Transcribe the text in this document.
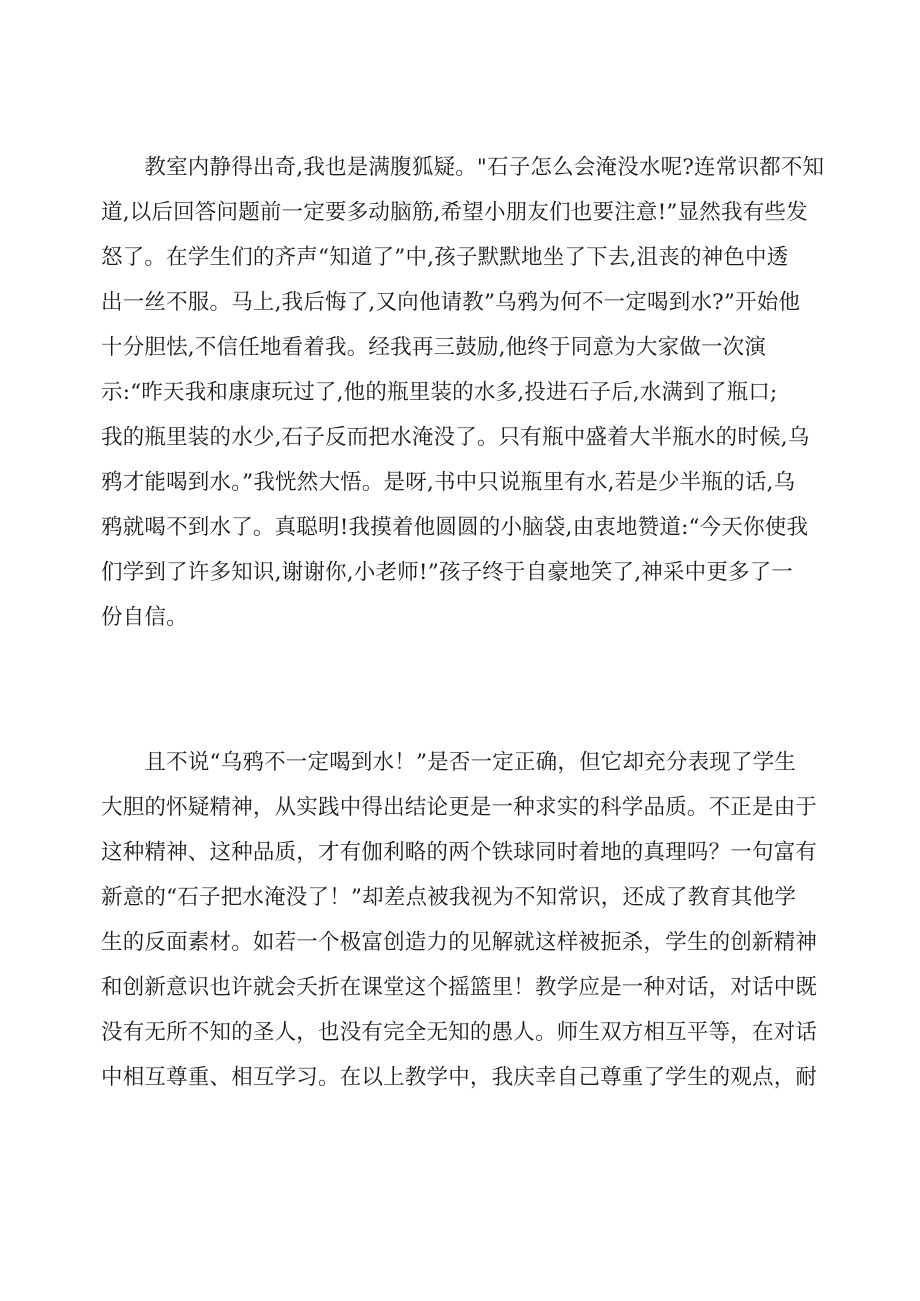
　　教室内静得出奇,我也是满腹狐疑。"石子怎么会淹没水呢?连常识都不知
道,以后回答问题前一定要多动脑筋,希望小朋友们也要注意!”显然我有些发
怒了。在学生们的齐声“知道了”中,孩子默默地坐了下去,沮丧的神色中透
出一丝不服。马上,我后悔了,又向他请教”乌鸦为何不一定喝到水?”开始他
十分胆怯,不信任地看着我。经我再三鼓励,他终于同意为大家做一次演
示:“昨天我和康康玩过了,他的瓶里装的水多,投进石子后,水满到了瓶口;
我的瓶里装的水少,石子反而把水淹没了。只有瓶中盛着大半瓶水的时候,乌
鸦才能喝到水。”我恍然大悟。是呀,书中只说瓶里有水,若是少半瓶的话,乌
鸦就喝不到水了。真聪明!我摸着他圆圆的小脑袋,由衷地赞道:“今天你使我
们学到了许多知识,谢谢你,小老师!”孩子终于自豪地笑了,神采中更多了一
份自信。
　　且不说“乌鸦不一定喝到水！”是否一定正确，但它却充分表现了学生
大胆的怀疑精神，从实践中得出结论更是一种求实的科学品质。不正是由于
这种精神、这种品质，才有伽利略的两个铁球同时着地的真理吗？一句富有
新意的“石子把水淹没了！”却差点被我视为不知常识，还成了教育其他学
生的反面素材。如若一个极富创造力的见解就这样被扼杀，学生的创新精神
和创新意识也许就会夭折在课堂这个摇篮里！教学应是一种对话，对话中既
没有无所不知的圣人，也没有完全无知的愚人。师生双方相互平等，在对话
中相互尊重、相互学习。在以上教学中，我庆幸自己尊重了学生的观点，耐
